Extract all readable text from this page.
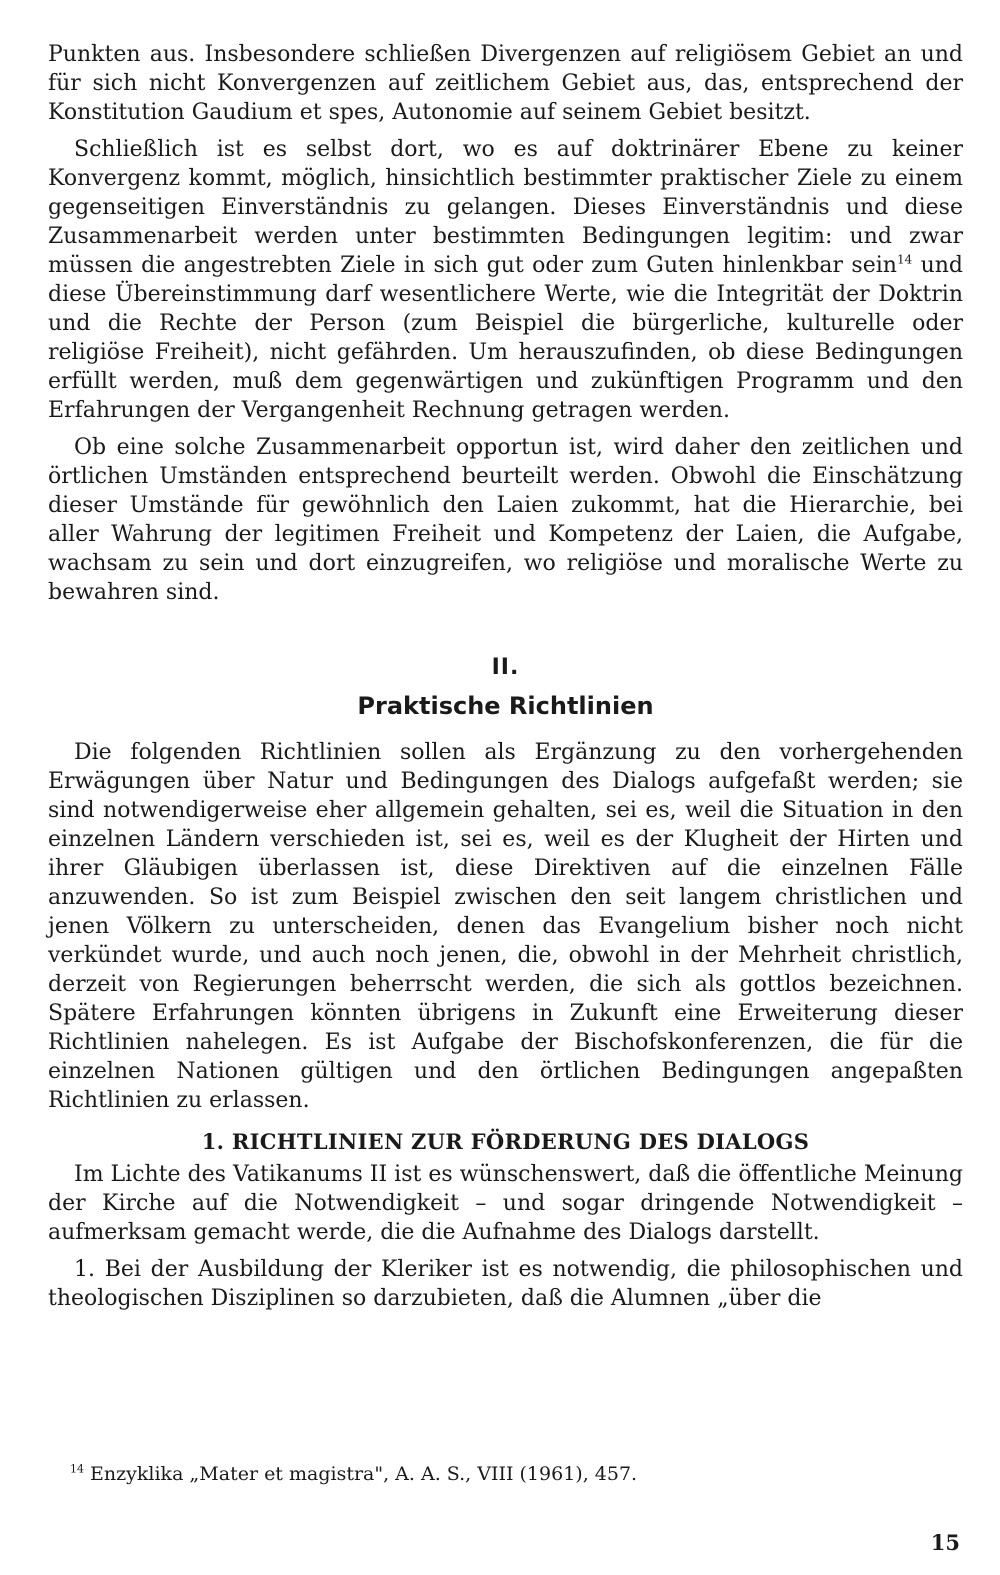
Punkten aus. Insbesondere schließen Divergenzen auf religiösem Gebiet an und für sich nicht Konvergenzen auf zeitlichem Gebiet aus, das, entsprechend der Konstitution Gaudium et spes, Autonomie auf seinem Gebiet besitzt.

Schließlich ist es selbst dort, wo es auf doktrinärer Ebene zu keiner Konvergenz kommt, möglich, hinsichtlich bestimmter praktischer Ziele zu einem gegenseitigen Einverständnis zu gelangen. Dieses Einverständnis und diese Zusammenarbeit werden unter bestimmten Bedingungen legitim: und zwar müssen die angestrebten Ziele in sich gut oder zum Guten hinlenkbar sein$^{14}$ und diese Übereinstimmung darf wesentlichere Werte, wie die Integrität der Doktrin und die Rechte der Person (zum Beispiel die bürgerliche, kulturelle oder religiöse Freiheit), nicht gefährden. Um herauszufinden, ob diese Bedingungen erfüllt werden, muß dem gegenwärtigen und zukünftigen Programm und den Erfahrungen der Vergangenheit Rechnung getragen werden.

Ob eine solche Zusammenarbeit opportun ist, wird daher den zeitlichen und örtlichen Umständen entsprechend beurteilt werden. Obwohl die Einschätzung dieser Umstände für gewöhnlich den Laien zukommt, hat die Hierarchie, bei aller Wahrung der legitimen Freiheit und Kompetenz der Laien, die Aufgabe, wachsam zu sein und dort einzugreifen, wo religiöse und moralische Werte zu bewahren sind.

II.
Praktische Richtlinien

Die folgenden Richtlinien sollen als Ergänzung zu den vorhergehenden Erwägungen über Natur und Bedingungen des Dialogs aufgefaßt werden; sie sind notwendigerweise eher allgemein gehalten, sei es, weil die Situation in den einzelnen Ländern verschieden ist, sei es, weil es der Klugheit der Hirten und ihrer Gläubigen überlassen ist, diese Direktiven auf die einzelnen Fälle anzuwenden. So ist zum Beispiel zwischen den seit langem christlichen und jenen Völkern zu unterscheiden, denen das Evangelium bisher noch nicht verkündet wurde, und auch noch jenen, die, obwohl in der Mehrheit christlich, derzeit von Regierungen beherrscht werden, die sich als gottlos bezeichnen. Spätere Erfahrungen könnten übrigens in Zukunft eine Erweiterung dieser Richtlinien nahelegen. Es ist Aufgabe der Bischofskonferenzen, die für die einzelnen Nationen gültigen und den örtlichen Bedingungen angepaßten Richtlinien zu erlassen.

1. RICHTLINIEN ZUR FÖRDERUNG DES DIALOGS

Im Lichte des Vatikanums II ist es wünschenswert, daß die öffentliche Meinung der Kirche auf die Notwendigkeit – und sogar dringende Notwendigkeit – aufmerksam gemacht werde, die die Aufnahme des Dialogs darstellt.

1. Bei der Ausbildung der Kleriker ist es notwendig, die philosophischen und theologischen Disziplinen so darzubieten, daß die Alumnen „über die

$^{14}$ Enzyklika „Mater et magistra", A. A. S., VIII (1961), 457.

15
